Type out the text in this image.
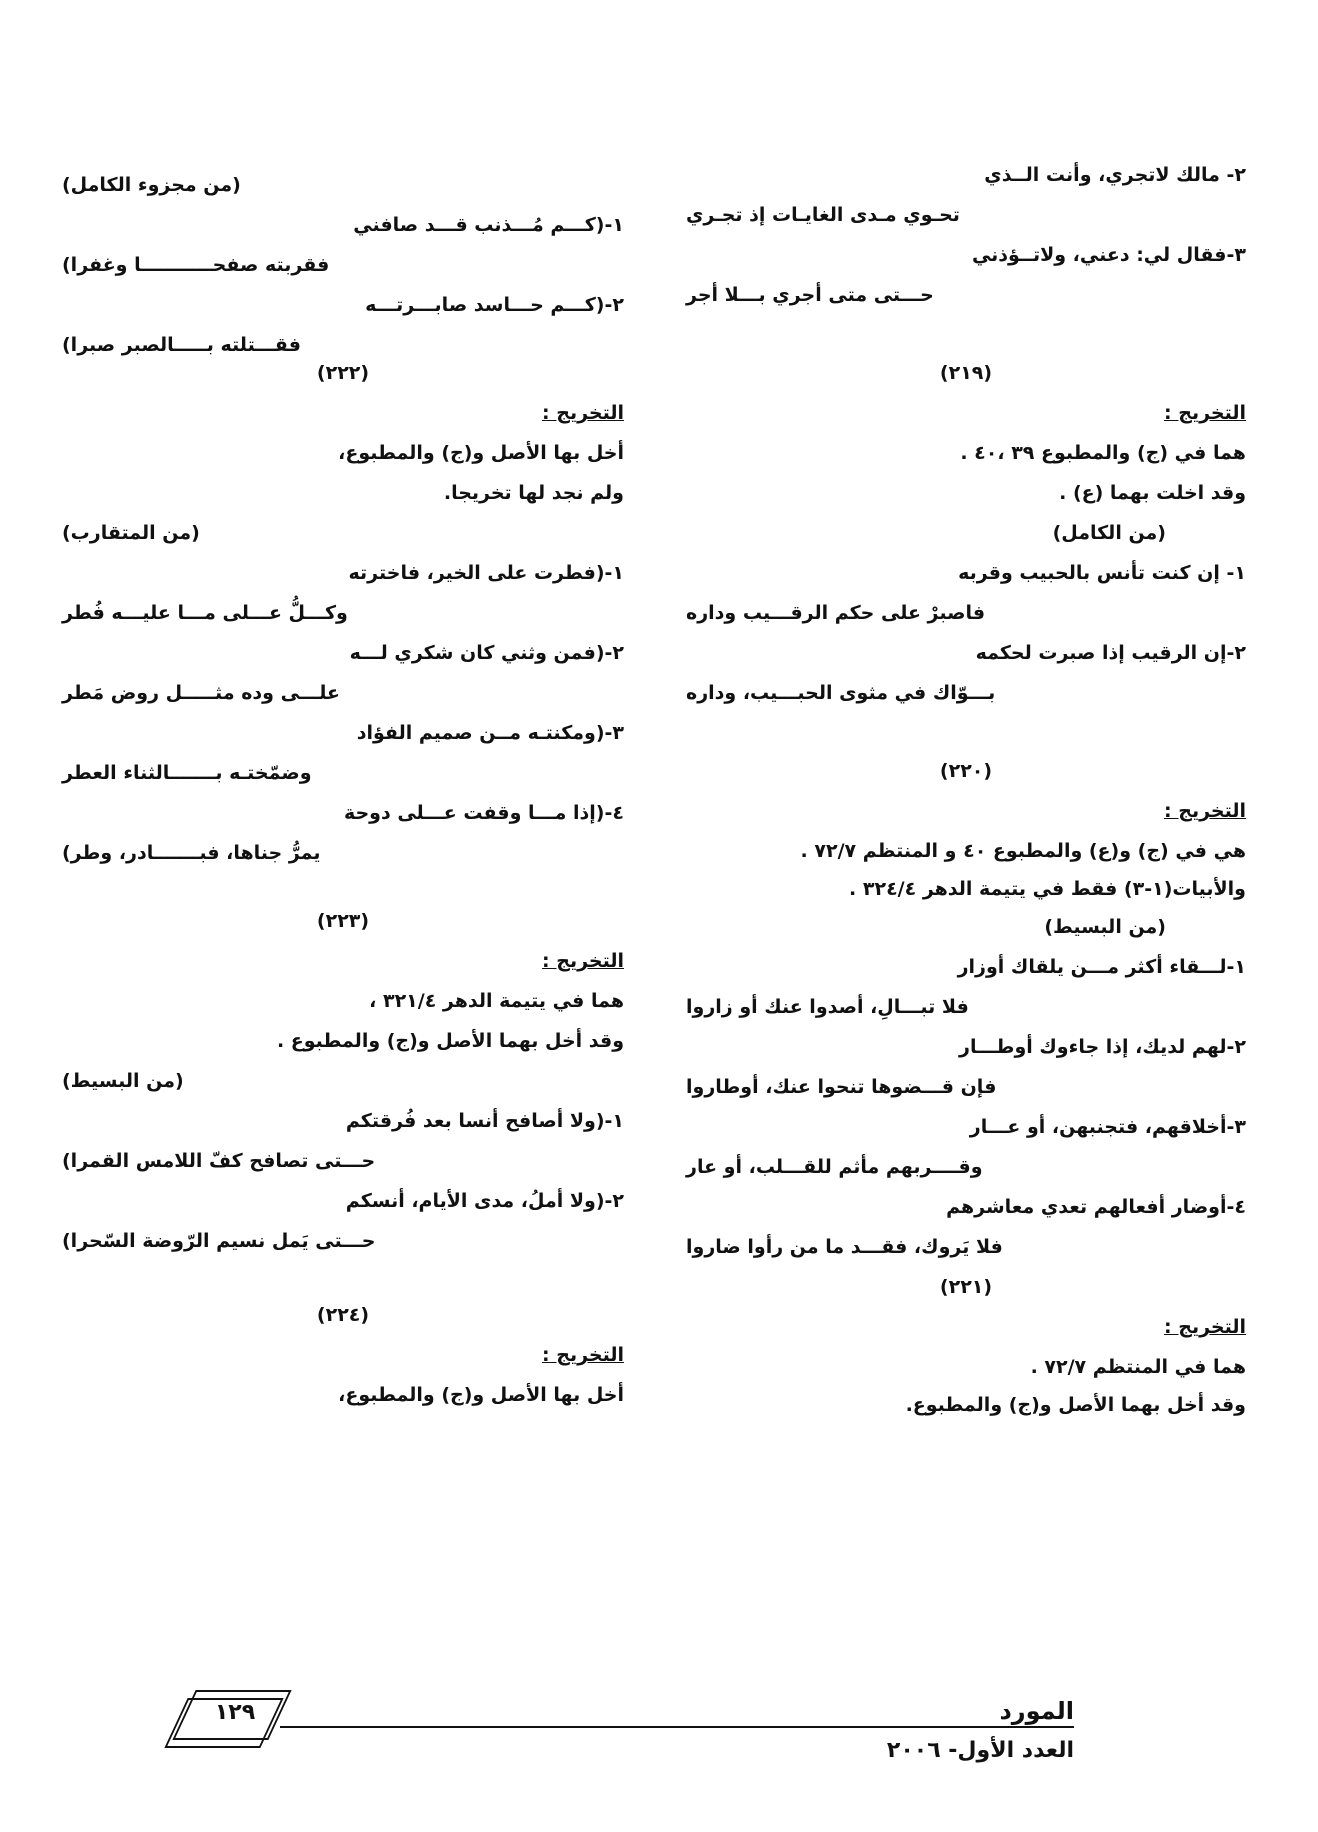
٢- مالك لاتجري، وأنت الــذي
تحـوي مـدى الغايـات إذ تجـري
٣-فقال لي: دعني، ولاتــؤذني
حـــتى متى أجري بـــلا أجر
(٢١٩)
التخريج :
هما في (ج) والمطبوع ٣٩ ،٤٠ .
وقد اخلت بهما (ع) .
(من الكامل)
١- إن كنت تأنس بالحبيب وقربه
فاصبرْ على حكم الرقـــيب وداره
٢-إن الرقيب إذا صبرت لحكمه
بـــوّاك في مثوى الحبـــيب، وداره
(٢٢٠)
التخريج :
هي في (ج) و(ع) والمطبوع ٤٠ و المنتظم ٧٢/٧ .
والأبيات(١-٣) فقط في يتيمة الدهر ٣٢٤/٤ .
(من البسيط)
١-لـــقاء أكثر مـــن يلقاك أوزار
فلا تبـــالِ، أصدوا عنك أو زاروا
٢-لهم لديك، إذا جاءوك أوطـــار
فإن قـــضوها تنحوا عنك، أوطاروا
٣-أخلاقهم، فتجنبهن، أو عـــار
وقــــربهم مأثم للقـــلب، أو عار
٤-أوضار أفعالهم تعدي معاشرهم
فلا يَروك، فقـــد ما من رأوا ضاروا
(٢٢١)
التخريج :
هما في المنتظم ٧٢/٧ .
وقد أخل بهما الأصل و(ج) والمطبوع.
(من مجزوء الكامل)
١-(كـــم مُـــذنب قـــد صافني
فقربته صفحـــــــــــا وغفرا)
٢-(كـــم حـــاسد صابـــرتـــه
فقـــتلته بـــــالصبر صبرا)
(٢٢٢)
التخريج :
أخل بها الأصل و(ج) والمطبوع،
ولم نجد لها تخريجا.
(من المتقارب)
١-(فطرت على الخير، فاخترته
وكـــلُّ عـــلى مـــا عليـــه فُطر
٢-(فمن وثني كان شكري لـــه
علـــى وده مثـــــل روض مَطر
٣-(ومكنتـه مــن صميم الفؤاد
وضمّختـه بـــــــالثناء العطر
٤-(إذا مـــا وقفت عـــلى دوحة
يمرُّ جناها، فبـــــــادر، وطر)
(٢٢٣)
التخريج :
هما في يتيمة الدهر ٣٢١/٤ ،
وقد أخل بهما الأصل و(ج) والمطبوع .
(من البسيط)
١-(ولا أصافح أنسا بعد فُرقتكم
حـــتى تصافح كفّ اللامس القمرا)
٢-(ولا أملُ، مدى الأيام، أنسكم
حـــتى يَمل نسيم الرّوضة السّحرا)
(٢٢٤)
التخريج :
أخل بها الأصل و(ج) والمطبوع،
١٢٩	المورد
العدد الأول- ٢٠٠٦
